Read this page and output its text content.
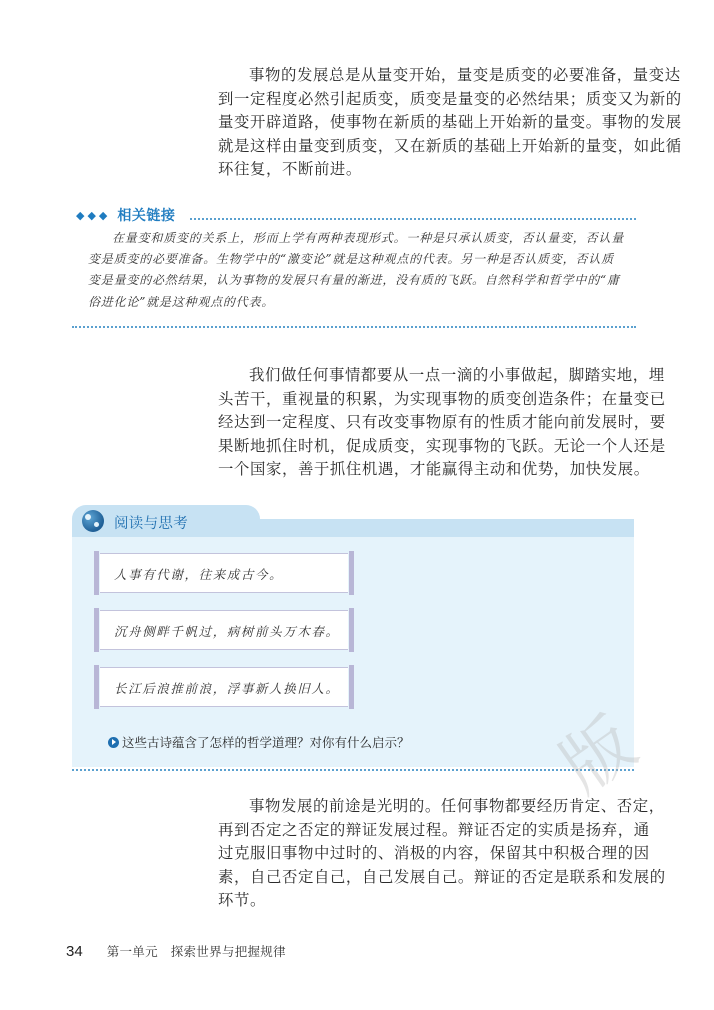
事物的发展总是从量变开始，量变是质变的必要准备，量变达
到一定程度必然引起质变，质变是量变的必然结果；质变又为新的
量变开辟道路，使事物在新质的基础上开始新的量变。事物的发展
就是这样由量变到质变，又在新质的基础上开始新的量变，如此循
环往复，不断前进。
◆◆◆ 相关链接
在量变和质变的关系上，形而上学有两种表现形式。一种是只承认质变，否认量变，否认量
变是质变的必要准备。生物学中的“激变论”就是这种观点的代表。另一种是否认质变，否认质
变是量变的必然结果，认为事物的发展只有量的渐进，没有质的飞跃。自然科学和哲学中的“庸
俗进化论”就是这种观点的代表。
我们做任何事情都要从一点一滴的小事做起，脚踏实地，埋
头苦干，重视量的积累，为实现事物的质变创造条件；在量变已
经达到一定程度、只有改变事物原有的性质才能向前发展时，要
果断地抓住时机，促成质变，实现事物的飞跃。无论一个人还是
一个国家，善于抓住机遇，才能赢得主动和优势，加快发展。
阅读与思考
人事有代谢，往来成古今。
沉舟侧畔千帆过，病树前头万木春。
长江后浪推前浪，浮事新人换旧人。
这些古诗蕴含了怎样的哲学道理？对你有什么启示？ 版
事物发展的前途是光明的。任何事物都要经历肯定、否定，
再到否定之否定的辩证发展过程。辩证否定的实质是扬弃，通
过克服旧事物中过时的、消极的内容，保留其中积极合理的因
素，自己否定自己，自己发展自己。辩证的否定是联系和发展的
环节。
34 第一单元　探索世界与把握规律
